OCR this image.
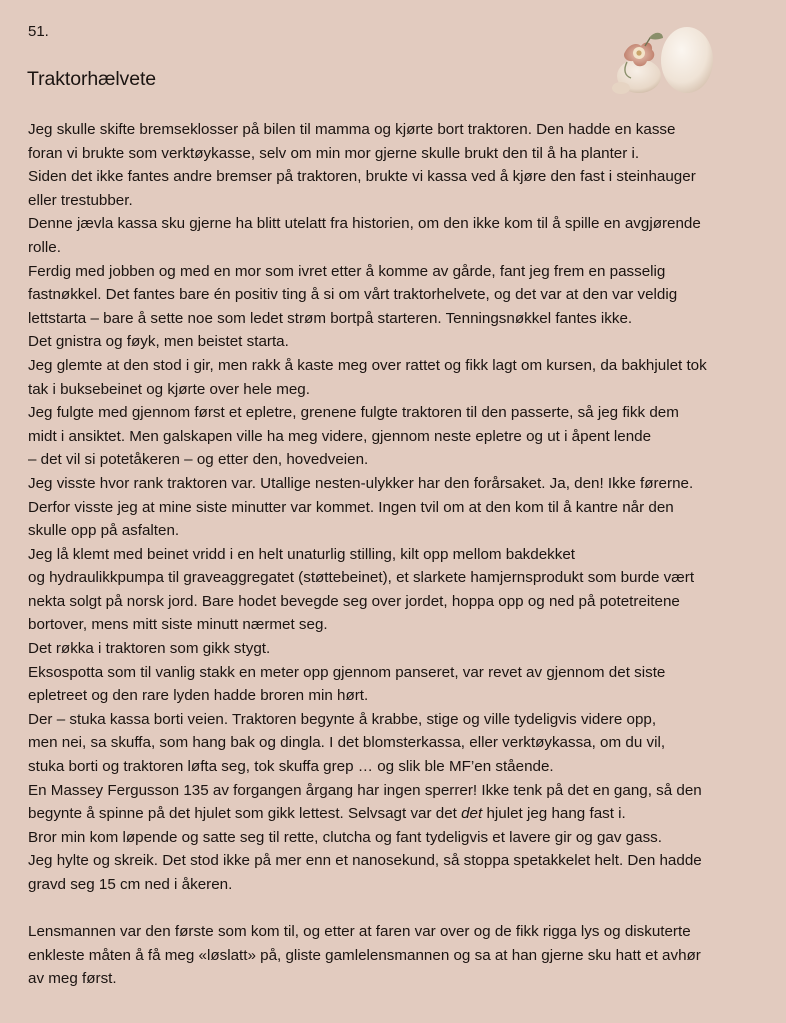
51.
Traktorhælvete
Jeg skulle skifte bremseklosser på bilen til mamma og kjørte bort traktoren. Den hadde en kasse
foran vi brukte som verktøykasse, selv om min mor gjerne skulle brukt den til å ha planter i.
Siden det ikke fantes andre bremser på traktoren, brukte vi kassa ved å kjøre den fast i steinhauger
eller trestubber.
Denne jævla kassa sku gjerne ha blitt utelatt fra historien, om den ikke kom til å spille en avgjørende
rolle.
Ferdig med jobben og med en mor som ivret etter å komme av gårde, fant jeg frem en passelig
fastnøkkel. Det fantes bare én positiv ting å si om vårt traktorhelvete, og det var at den var veldig
lettstarta – bare å sette noe som ledet strøm bortpå starteren. Tenningsnøkkel fantes ikke.
Det gnistra og føyk, men beistet starta.
Jeg glemte at den stod i gir, men rakk å kaste meg over rattet og fikk lagt om kursen, da bakhjulet tok
tak i buksebeinet og kjørte over hele meg.
Jeg fulgte med gjennom først et epletre, grenene fulgte traktoren til den passerte, så jeg fikk dem
midt i ansiktet. Men galskapen ville ha meg videre, gjennom neste epletre og ut i åpent lende
– det vil si potetåkeren – og etter den, hovedveien.
Jeg visste hvor rank traktoren var. Utallige nesten-ulykker har den forårsaket. Ja, den! Ikke førerne.
Derfor visste jeg at mine siste minutter var kommet. Ingen tvil om at den kom til å kantre når den
skulle opp på asfalten.
Jeg lå klemt med beinet vridd i en helt unaturlig stilling, kilt opp mellom bakdekket
og hydraulikkpumpa til graveaggregatet (støttebeinet), et slarkete hamjernsprodukt som burde vært
nekta solgt på norsk jord. Bare hodet bevegde seg over jordet, hoppa opp og ned på potetreitene
bortover, mens mitt siste minutt nærmet seg.
Det røkka i traktoren som gikk stygt.
Eksospotta som til vanlig stakk en meter opp gjennom panseret, var revet av gjennom det siste
epletreet og den rare lyden hadde broren min hørt.
Der – stuka kassa borti veien. Traktoren begynte å krabbe, stige og ville tydeligvis videre opp,
men nei, sa skuffa, som hang bak og dingla. I det blomsterkassa, eller verktøykassa, om du vil,
stuka borti og traktoren løfta seg, tok skuffa grep … og slik ble MF’en stående.
En Massey Fergusson 135 av forgangen årgang har ingen sperrer! Ikke tenk på det en gang, så den
begynte å spinne på det hjulet som gikk lettest. Selvsagt var det det hjulet jeg hang fast i.
Bror min kom løpende og satte seg til rette, clutcha og fant tydeligvis et lavere gir og gav gass.
Jeg hylte og skreik. Det stod ikke på mer enn et nanosekund, så stoppa spetakkelet helt. Den hadde
gravd seg 15 cm ned i åkeren.
Lensmannen var den første som kom til, og etter at faren var over og de fikk rigga lys og diskuterte
enkleste måten å få meg «løslatt» på, gliste gamlelensmannen og sa at han gjerne sku hatt et avhør
av meg først.
